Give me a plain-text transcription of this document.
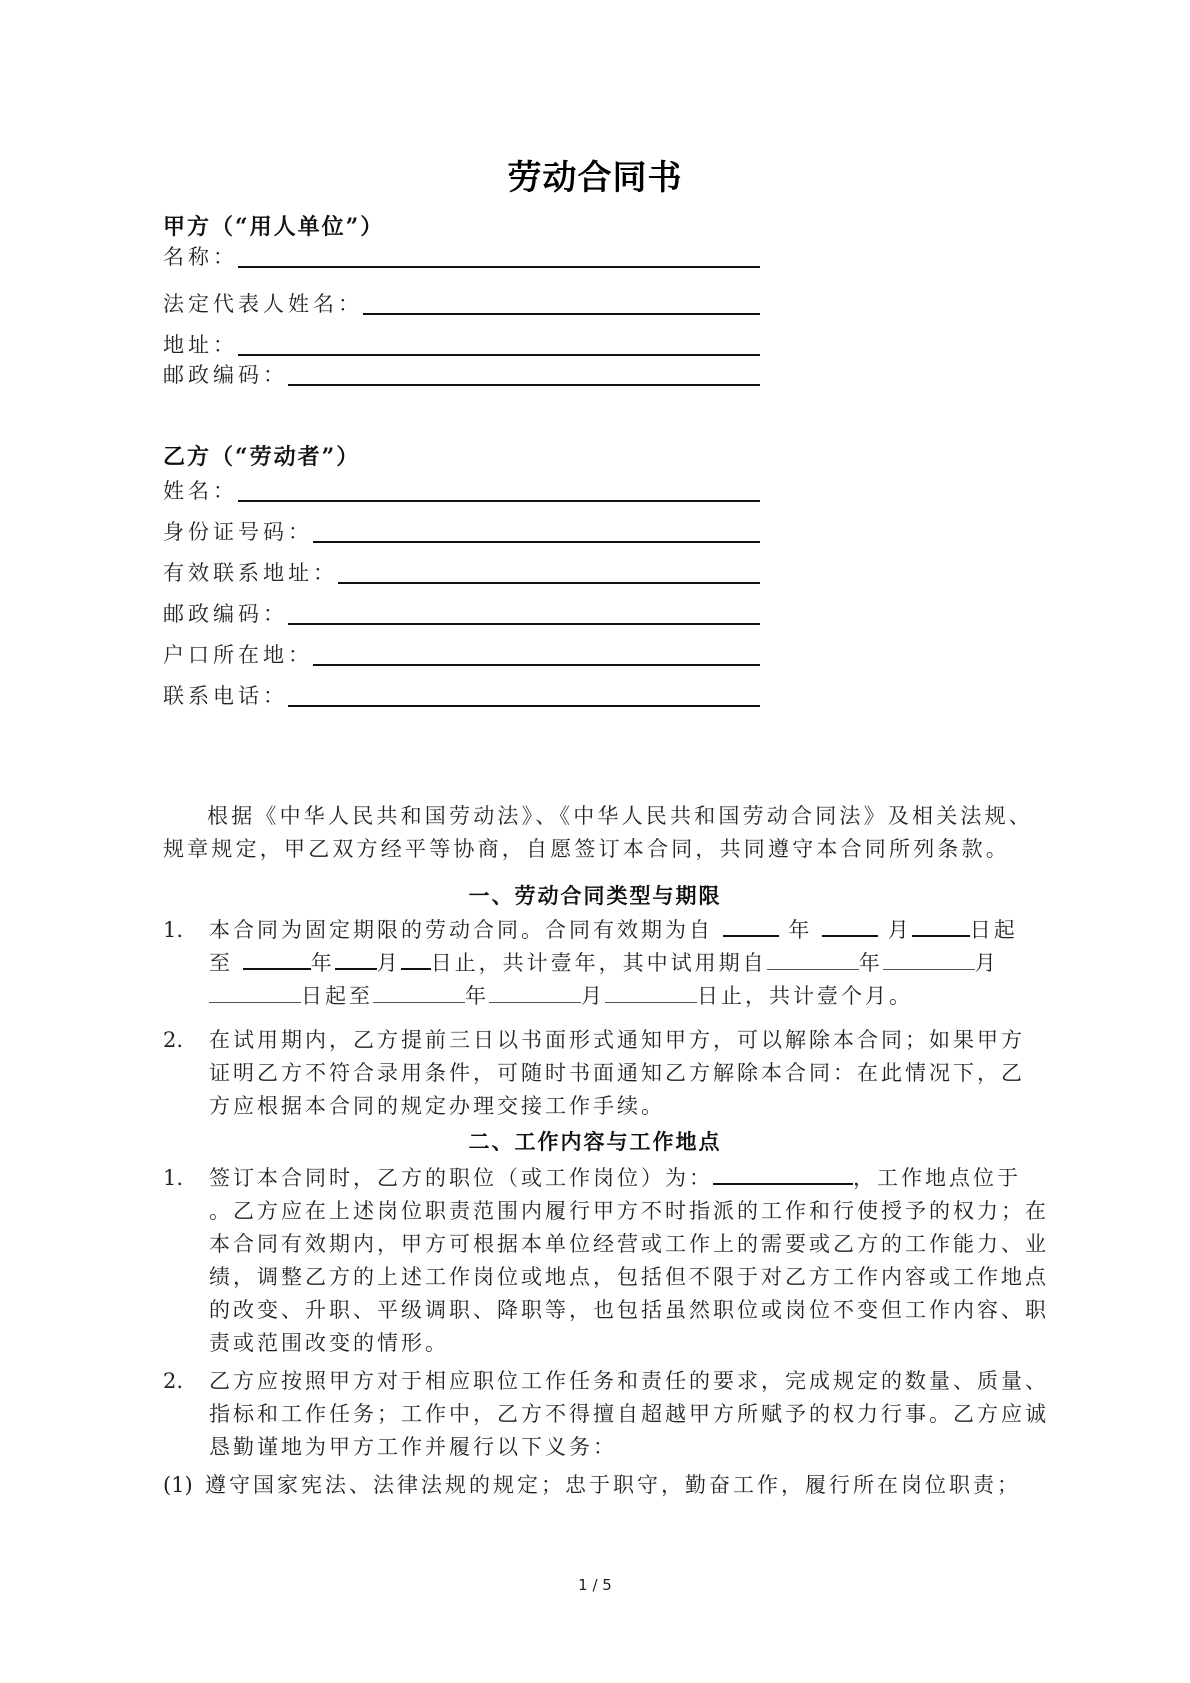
劳动合同书
甲方（“用人单位”）
名称：
法定代表人姓名：
地址：
邮政编码：
乙方（“劳动者”）
姓名：
身份证号码：
有效联系地址：
邮政编码：
户口所在地：
联系电话：
根据《中华人民共和国劳动法》、《中华人民共和国劳动合同法》及相关法规、规章规定，甲乙双方经平等协商，自愿签订本合同，共同遵守本合同所列条款。
一、劳动合同类型与期限
1. 本合同为固定期限的劳动合同。合同有效期为自	年	月	日起
至	年 月 日止，共计壹年，其中试用期自	年	月
日起至	年	月	日止，共计壹个月。
2. 在试用期内，乙方提前三日以书面形式通知甲方，可以解除本合同；如果甲方证明乙方不符合录用条件，可随时书面通知乙方解除本合同：在此情况下，乙方应根据本合同的规定办理交接工作手续。
二、工作内容与工作地点
1. 签订本合同时，乙方的职位（或工作岗位）为：	，工作地点位于
。乙方应在上述岗位职责范围内履行甲方不时指派的工作和行使授予的权力；在本合同有效期内，甲方可根据本单位经营或工作上的需要或乙方的工作能力、业绩，调整乙方的上述工作岗位或地点，包括但不限于对乙方工作内容或工作地点的改变、升职、平级调职、降职等，也包括虽然职位或岗位不变但工作内容、职责或范围改变的情形。
2. 乙方应按照甲方对于相应职位工作任务和责任的要求，完成规定的数量、质量、指标和工作任务；工作中，乙方不得擅自超越甲方所赋予的权力行事。乙方应诚恳勤谨地为甲方工作并履行以下义务：
(1) 遵守国家宪法、法律法规的规定；忠于职守，勤奋工作，履行所在岗位职责；
1 / 5
